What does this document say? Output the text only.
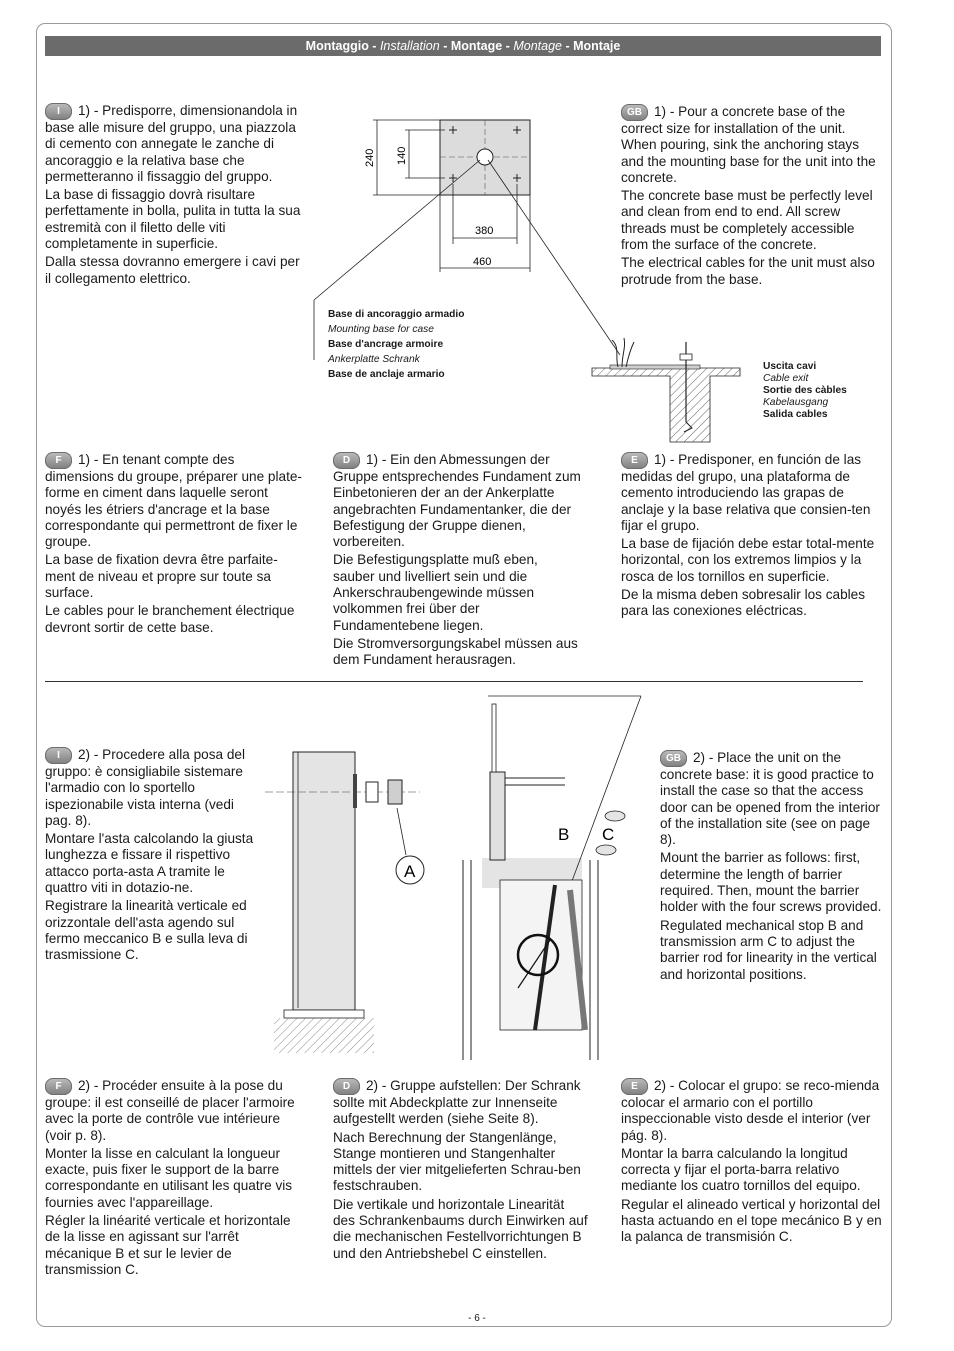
Montaggio - Installation - Montage - Montage - Montaje

I 1) - Predisporre, dimensionandola in base alle misure del gruppo, una piazzola di cemento con annegate le zanche di ancoraggio e la relativa base che permetteranno il fissaggio del gruppo.

La base di fissaggio dovrà risultare perfettamente in bolla, pulita in tutta la sua estremità con il filetto delle viti completamente in superficie.

Dalla stessa dovranno emergere i cavi per il collegamento elettrico.

GB 1) - Pour a concrete base of the correct size for installation of the unit. When pouring, sink the anchoring stays and the mounting base for the unit into the concrete.

The concrete base must be perfectly level and clean from end to end. All screw threads must be completely accessible from the surface of the concrete.

The electrical cables for the unit must also protrude from the base.

F 1) - En tenant compte des dimensions du groupe, préparer une plate-forme en ciment dans laquelle seront noyés les étriers d'ancrage et la base correspondante qui permettront de fixer le groupe.

La base de fixation devra être parfaite-ment de niveau et propre sur toute sa surface.

Le cables pour le branchement électrique devront sortir de cette base.

D 1) - Ein den Abmessungen der Gruppe entsprechendes Fundament zum Einbetonieren der an der Ankerplatte angebrachten Fundamentanker, die der Befestigung der Gruppe dienen, vorbereiten.

Die Befestigungsplatte muß eben, sauber und livelliert sein und die Ankerschraubengewinde müssen volkommen frei über der Fundamentebene liegen.

Die Stromversorgungskabel müssen aus dem Fundament herausragen.

E 1) - Predisponer, en función de las medidas del grupo, una plataforma de cemento introduciendo las grapas de anclaje y la base relativa que consien-ten fijar el grupo.

La base de fijación debe estar total-mente horizontal, con los extremos limpios y la rosca de los tornillos en superficie.

De la misma deben sobresalir los cables para las conexiones eléctricas.

240 140
380
460
Base di ancoraggio armadio
Mounting base for case
Base d'ancrage armoire
Ankerplatte Schrank
Base de anclaje armario
Uscita cavi
Cable exit
Sortie des càbles
Kabelausgang
Salida cables

I 2) - Procedere alla posa del gruppo: è consigliabile sistemare l'armadio con lo sportello ispezionabile vista interna (vedi pag. 8).

Montare l'asta calcolando la giusta lunghezza e fissare il rispettivo attacco porta-asta A tramite le quattro viti in dotazio-ne.

Registrare la linearità verticale ed orizzontale dell'asta agendo sul fermo meccanico B e sulla leva di trasmissione C.

GB 2) - Place the unit on the concrete base: it is good practice to install the case so that the access door can be opened from the interior of the installation site (see on page 8).

Mount the barrier as follows: first, determine the length of barrier required. Then, mount the barrier holder with the four screws provided.

Regulated mechanical stop B and transmission arm C to adjust the barrier rod for linearity in the vertical and horizontal positions.

A
B C

F 2) - Procéder ensuite à la pose du groupe: il est conseillé de placer l'armoire avec la porte de contrôle vue intérieure (voir p. 8).

Monter la lisse en calculant la longueur exacte, puis fixer le support de la barre correspondante en utilisant les quatre vis fournies avec l'appareillage.

Régler la linéarité verticale et horizontale de la lisse en agissant sur l'arrêt mécanique B et sur le levier de transmission C.

D 2) - Gruppe aufstellen: Der Schrank sollte mit Abdeckplatte zur Innenseite aufgestellt werden (siehe Seite 8).

Nach Berechnung der Stangenlänge, Stange montieren und Stangenhalter mittels der vier mitgelieferten Schrau-ben festschrauben.

Die vertikale und horizontale Linearität des Schrankenbaums durch Einwirken auf die mechanischen Festellvorrichtungen B und den Antriebshebel C einstellen.

E 2) - Colocar el grupo: se reco-mienda colocar el armario con el portillo inspeccionable visto desde el interior (ver pág. 8).

Montar la barra calculando la longitud correcta y fijar el porta-barra relativo mediante los cuatro tornillos del equipo.

Regular el alineado vertical y horizontal del hasta actuando en el tope mecánico B y en la palanca de transmisión C.

- 6 -
